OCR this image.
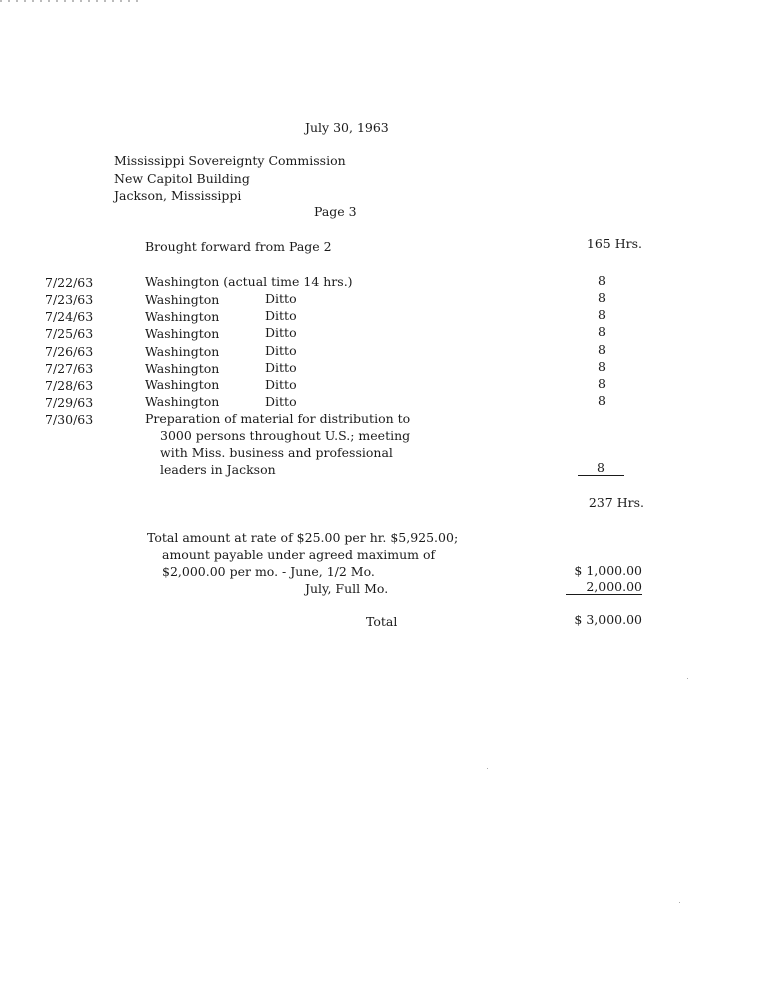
July 30, 1963
Mississippi Sovereignty Commission
New Capitol Building
Jackson, Mississippi
Page 3
Brought forward from Page 2	165 Hrs.
7/22/63	Washington (actual time 14 hrs.)	8
7/23/63	Washington	Ditto	8
7/24/63	Washington	Ditto	8
7/25/63	Washington	Ditto	8
7/26/63	Washington	Ditto	8
7/27/63	Washington	Ditto	8
7/28/63	Washington	Ditto	8
7/29/63	Washington	Ditto	8
7/30/63	Preparation of material for distribution to
3000 persons throughout U.S.; meeting
with Miss. business and professional
leaders in Jackson	8
237 Hrs.
Total amount at rate of $25.00 per hr. $5,925.00;
amount payable under agreed maximum of
$2,000.00 per mo. - June, 1/2 Mo.	$ 1,000.00
July, Full Mo.	2,000.00
Total	$ 3,000.00
